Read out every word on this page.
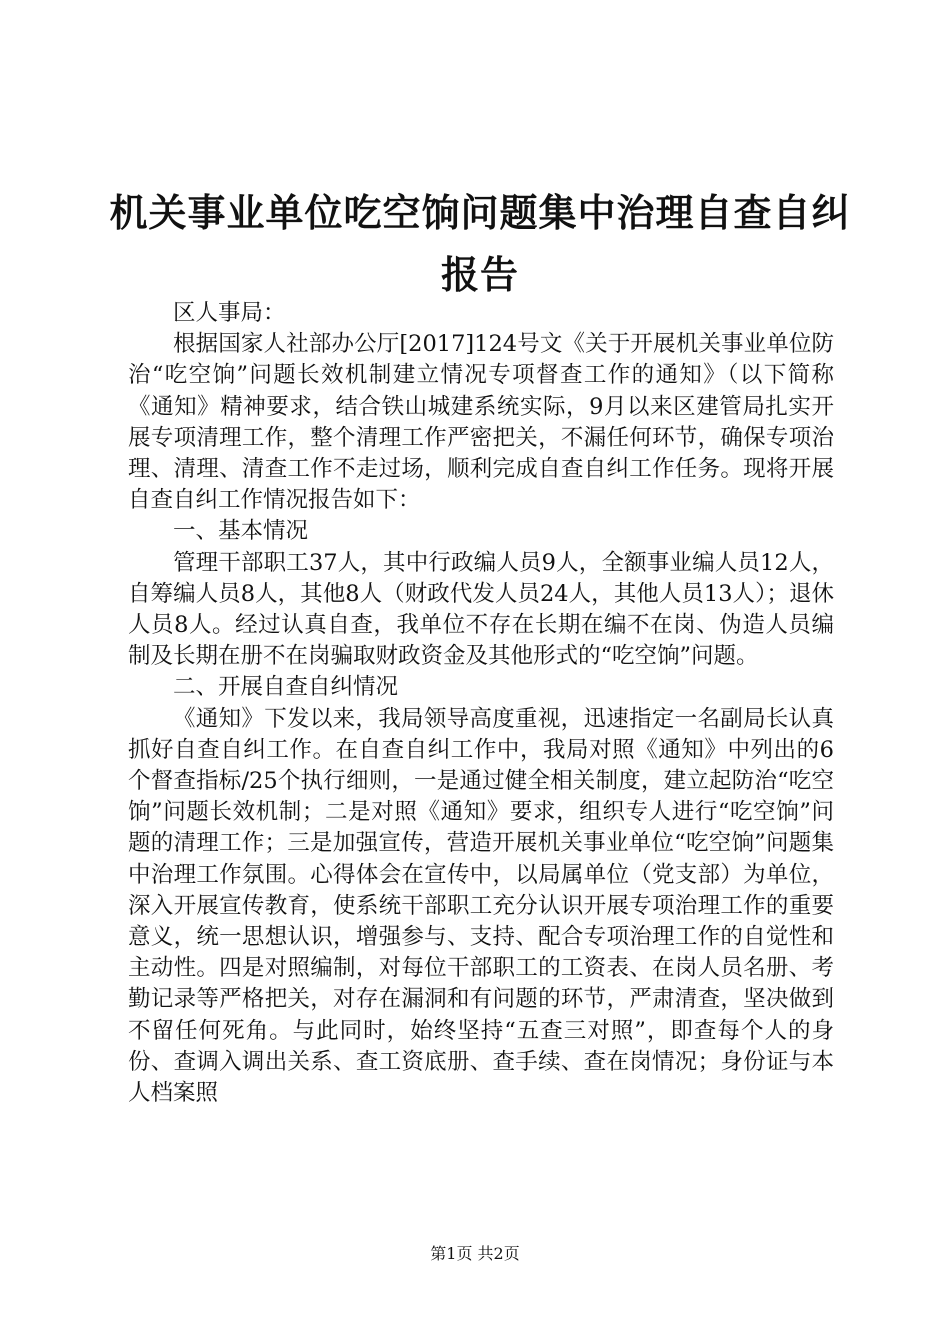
机关事业单位吃空饷问题集中治理自查自纠报告

区人事局：

根据国家人社部办公厅[2017]124号文《关于开展机关事业单位防治“吃空饷”问题长效机制建立情况专项督查工作的通知》（以下简称《通知》精神要求，结合铁山城建系统实际，9月以来区建管局扎实开展专项清理工作，整个清理工作严密把关，不漏任何环节，确保专项治理、清理、清查工作不走过场，顺利完成自查自纠工作任务。现将开展自查自纠工作情况报告如下：

一、基本情况

管理干部职工37人，其中行政编人员9人，全额事业编人员12人，自筹编人员8人，其他8人（财政代发人员24人，其他人员13人）；退休人员8人。经过认真自查，我单位不存在长期在编不在岗、伪造人员编制及长期在册不在岗骗取财政资金及其他形式的“吃空饷”问题。

二、开展自查自纠情况

《通知》下发以来，我局领导高度重视，迅速指定一名副局长认真抓好自查自纠工作。在自查自纠工作中，我局对照《通知》中列出的6个督查指标/25个执行细则，一是通过健全相关制度，建立起防治“吃空饷”问题长效机制；二是对照《通知》要求，组织专人进行“吃空饷”问题的清理工作；三是加强宣传，营造开展机关事业单位“吃空饷”问题集中治理工作氛围。心得体会在宣传中，以局属单位（党支部）为单位，深入开展宣传教育，使系统干部职工充分认识开展专项治理工作的重要意义，统一思想认识，增强参与、支持、配合专项治理工作的自觉性和主动性。四是对照编制，对每位干部职工的工资表、在岗人员名册、考勤记录等严格把关，对存在漏洞和有问题的环节，严肃清查，坚决做到不留任何死角。与此同时，始终坚持“五查三对照”，即查每个人的身份、查调入调出关系、查工资底册、查手续、查在岗情况；身份证与本人档案照

第1页 共2页
